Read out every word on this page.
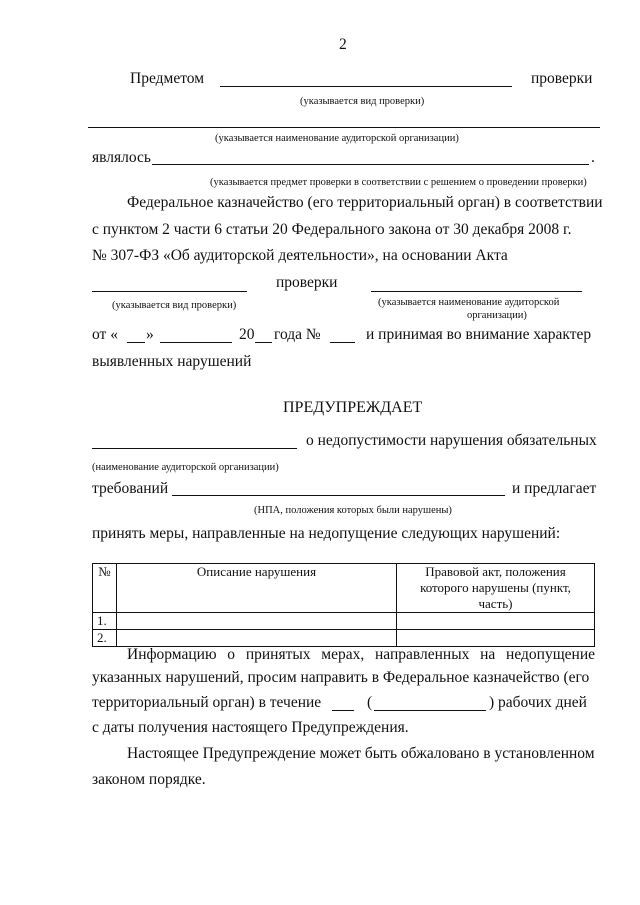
2
Предметом	проверки
(указывается вид проверки)
(указывается наименование аудиторской организации)
являлось	.
(указывается предмет проверки в соответствии с решением о проведении проверки)
Федеральное казначейство (его территориальный орган) в соответствии
с пунктом 2 части 6 статьи 20 Федерального закона от 30 декабря 2008 г.
№ 307-ФЗ «Об аудиторской деятельности», на основании Акта
проверки
(указывается вид проверки)	(указывается наименование аудиторской
организации)
от « »	20 года №	и принимая во внимание характер
выявленных нарушений
ПРЕДУПРЕЖДАЕТ
о недопустимости нарушения обязательных
(наименование аудиторской организации)
требований	и предлагает
(НПА, положения которых были нарушены)
принять меры, направленные на недопущение следующих нарушений:
№	Описание нарушения	Правовой акт, положения которого нарушены (пункт, часть)
1.		
2.		
Информацию о принятых мерах, направленных на недопущение
указанных нарушений, просим направить в Федеральное казначейство (его
территориальный орган) в течение	(	) рабочих дней
с даты получения настоящего Предупреждения.
Настоящее Предупреждение может быть обжаловано в установленном
законом порядке.
